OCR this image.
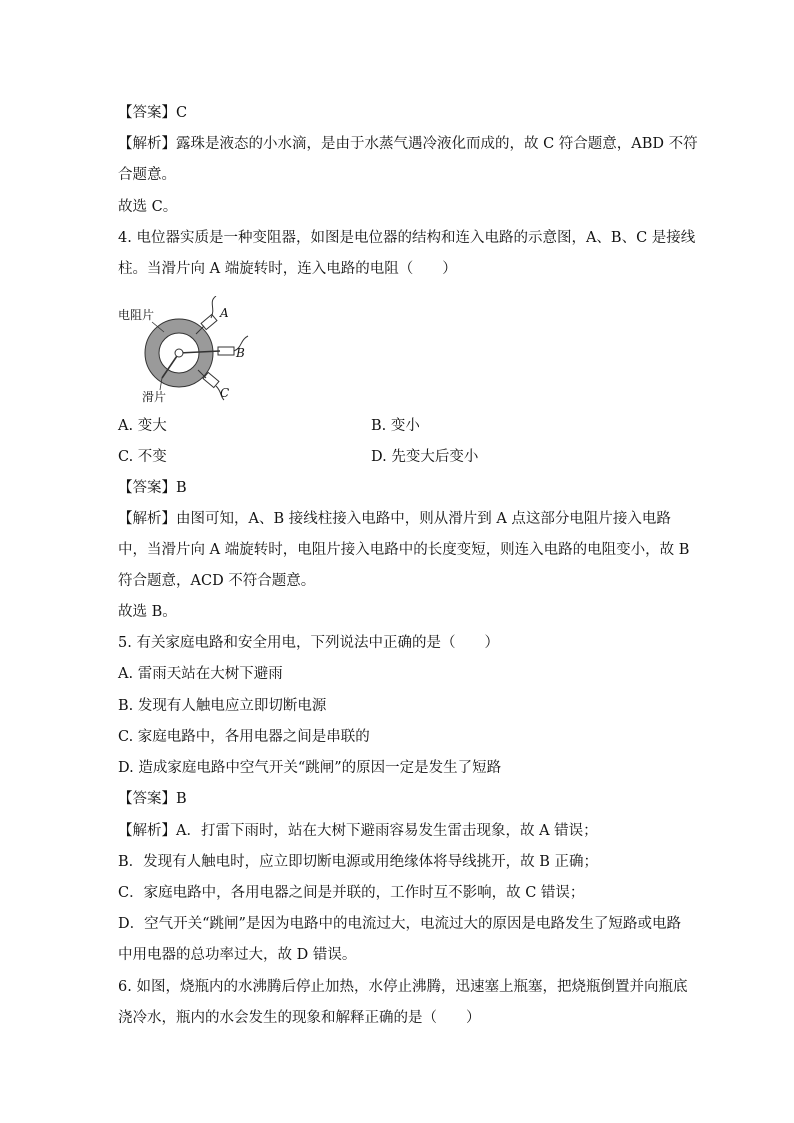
【答案】C
【解析】露珠是液态的小水滴，是由于水蒸气遇冷液化而成的，故 C 符合题意，ABD 不符
合题意。
故选 C。
4. 电位器实质是一种变阻器，如图是电位器的结构和连入电路的示意图，A、B、C 是接线
柱。当滑片向 A 端旋转时，连入电路的电阻（　　）
电阻片
滑片
A
B
C
A. 变大	B. 变小
C. 不变	D. 先变大后变小
【答案】B
【解析】由图可知，A、B 接线柱接入电路中，则从滑片到 A 点这部分电阻片接入电路
中，当滑片向 A 端旋转时，电阻片接入电路中的长度变短，则连入电路的电阻变小，故 B
符合题意，ACD 不符合题意。
故选 B。
5. 有关家庭电路和安全用电，下列说法中正确的是（　　）
A. 雷雨天站在大树下避雨
B. 发现有人触电应立即切断电源
C. 家庭电路中，各用电器之间是串联的
D. 造成家庭电路中空气开关“跳闸”的原因一定是发生了短路
【答案】B
【解析】A．打雷下雨时，站在大树下避雨容易发生雷击现象，故 A 错误；
B．发现有人触电时，应立即切断电源或用绝缘体将导线挑开，故 B 正确；
C．家庭电路中，各用电器之间是并联的，工作时互不影响，故 C 错误；
D．空气开关“跳闸”是因为电路中的电流过大，电流过大的原因是电路发生了短路或电路
中用电器的总功率过大，故 D 错误。
6. 如图，烧瓶内的水沸腾后停止加热，水停止沸腾，迅速塞上瓶塞，把烧瓶倒置并向瓶底
浇冷水，瓶内的水会发生的现象和解释正确的是（　　）
